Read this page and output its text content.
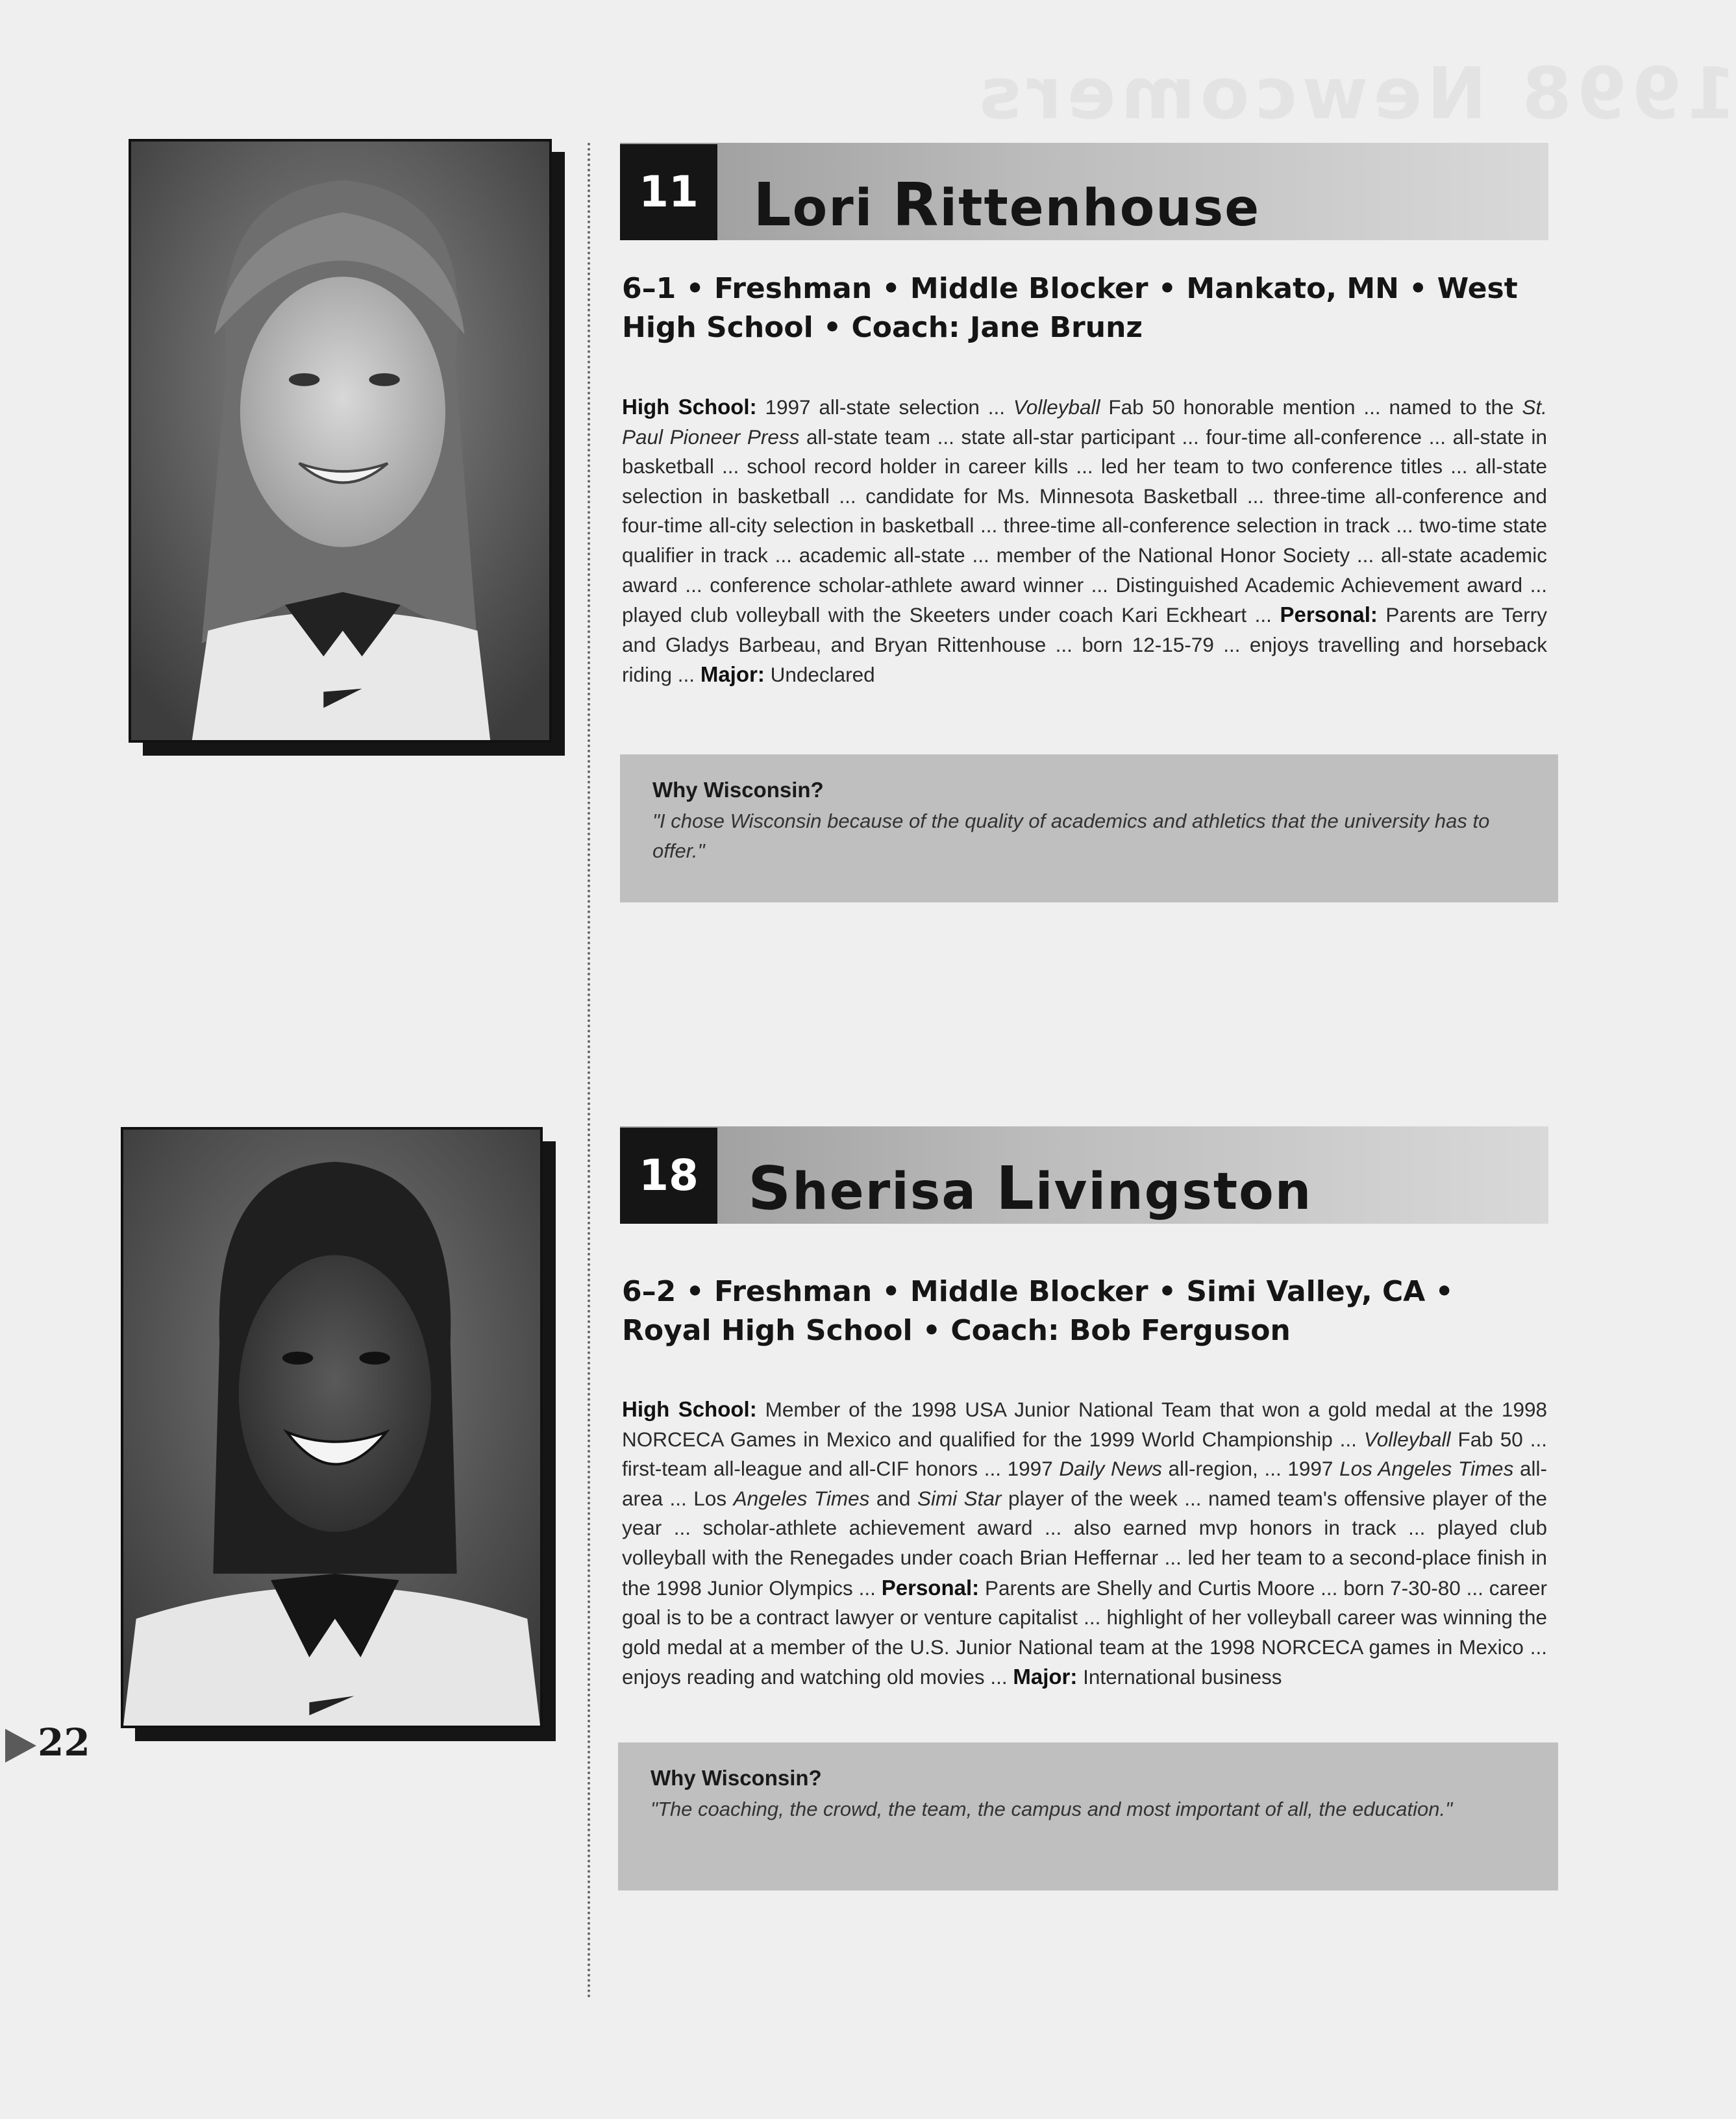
1998 Newcomers
11 Lori Rittenhouse
6–1 • Freshman • Middle Blocker • Mankato, MN • West High School • Coach: Jane Brunz
High School: 1997 all-state selection ... Volleyball Fab 50 honorable mention ... named to the St. Paul Pioneer Press all-state team ... state all-star participant ... four-time all-conference ... all-state in basketball ... school record holder in career kills ... led her team to two conference titles ... all-state selection in basketball ... candidate for Ms. Minnesota Basketball ... three-time all-conference and four-time all-city selection in basketball ... three-time all-conference selection in track ... two-time state qualifier in track ... academic all-state ... member of the National Honor Society ... all-state academic award ... conference scholar-athlete award winner ... Distinguished Academic Achievement award ... played club volleyball with the Skeeters under coach Kari Eckheart ... Personal: Parents are Terry and Gladys Barbeau, and Bryan Rittenhouse ... born 12-15-79 ... enjoys travelling and horseback riding ... Major: Undeclared
Why Wisconsin?
"I chose Wisconsin because of the quality of academics and athletics that the university has to offer."
18 Sherisa Livingston
6–2 • Freshman • Middle Blocker • Simi Valley, CA • Royal High School • Coach: Bob Ferguson
High School: Member of the 1998 USA Junior National Team that won a gold medal at the 1998 NORCECA Games in Mexico and qualified for the 1999 World Championship ... Volleyball Fab 50 ... first-team all-league and all-CIF honors ... 1997 Daily News all-region, ... 1997 Los Angeles Times all-area ... Los Angeles Times and Simi Star player of the week ... named team's offensive player of the year ... scholar-athlete achievement award ... also earned mvp honors in track ... played club volleyball with the Renegades under coach Brian Heffernar ... led her team to a second-place finish in the 1998 Junior Olympics ... Personal: Parents are Shelly and Curtis Moore ... born 7-30-80 ... career goal is to be a contract lawyer or venture capitalist ... highlight of her volleyball career was winning the gold medal at a member of the U.S. Junior National team at the 1998 NORCECA games in Mexico ... enjoys reading and watching old movies ... Major: International business
Why Wisconsin?
"The coaching, the crowd, the team, the campus and most important of all, the education."
22
